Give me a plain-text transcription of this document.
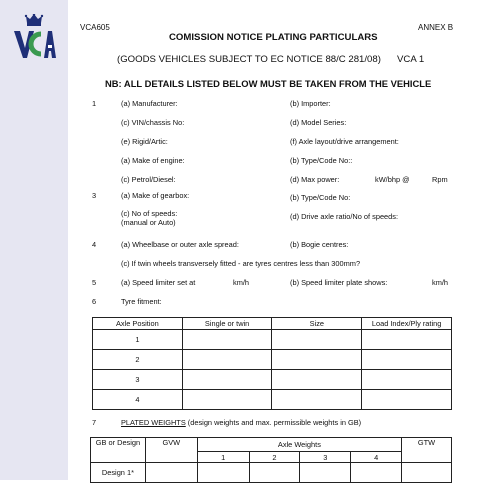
VCA605	ANNEX B
COMISSION NOTICE PLATING PARTICULARS
(GOODS VEHICLES SUBJECT TO EC NOTICE 88/C 281/08) VCA 1
NB: ALL DETAILS LISTED BELOW MUST BE TAKEN FROM THE VEHICLE
1	(a) Manufacturer:	(b) Importer:
(c) VIN/chassis No:	(d) Model Series:
(e) Rigid/Artic:	(f) Axle layout/drive arrangement:
(a) Make of engine:	(b) Type/Code No::
(c) Petrol/Diesel:	(d) Max power:	kW/bhp @	Rpm
3	(a) Make of gearbox:	(b) Type/Code No:
(c) No of speeds:
(manual or Auto)
(d) Drive axle ratio/No of speeds:
4	(a) Wheelbase or outer axle spread:	(b) Bogie centres:
(c) If twin wheels transversely fitted - are tyres centres less than 300mm?
5	(a) Speed limiter set at	km/h	(b) Speed limiter plate shows:	km/h
6	Tyre fitment:
Axle Position	Single or twin	Size	Load Index/Ply rating
1			
2			
3			
4			
7	PLATED WEIGHTS (design weights and max. permissible weights in GB)
GB or Design	GVW	Axle Weights				GTW
		1	2	3	4	
Design 1*						
